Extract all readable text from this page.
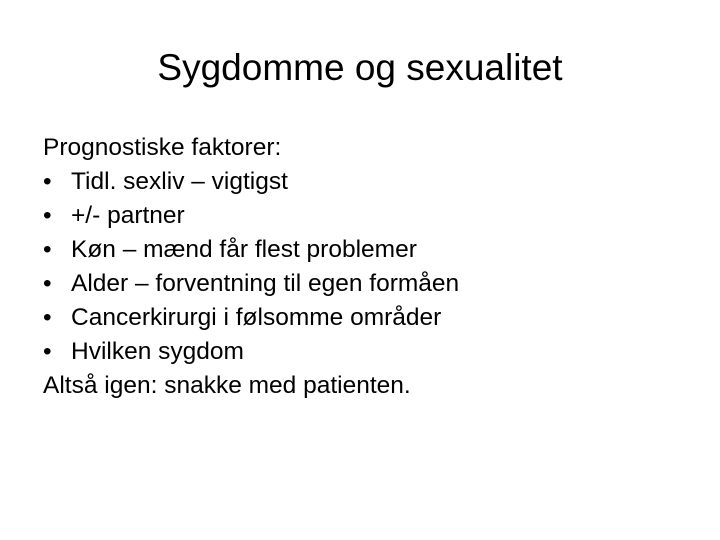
Sygdomme og sexualitet
Prognostiske faktorer:
• Tidl. sexliv – vigtigst
• +/- partner
• Køn – mænd får flest problemer
• Alder – forventning til egen formåen
• Cancerkirurgi i følsomme områder
• Hvilken sygdom
Altså igen: snakke med patienten.
